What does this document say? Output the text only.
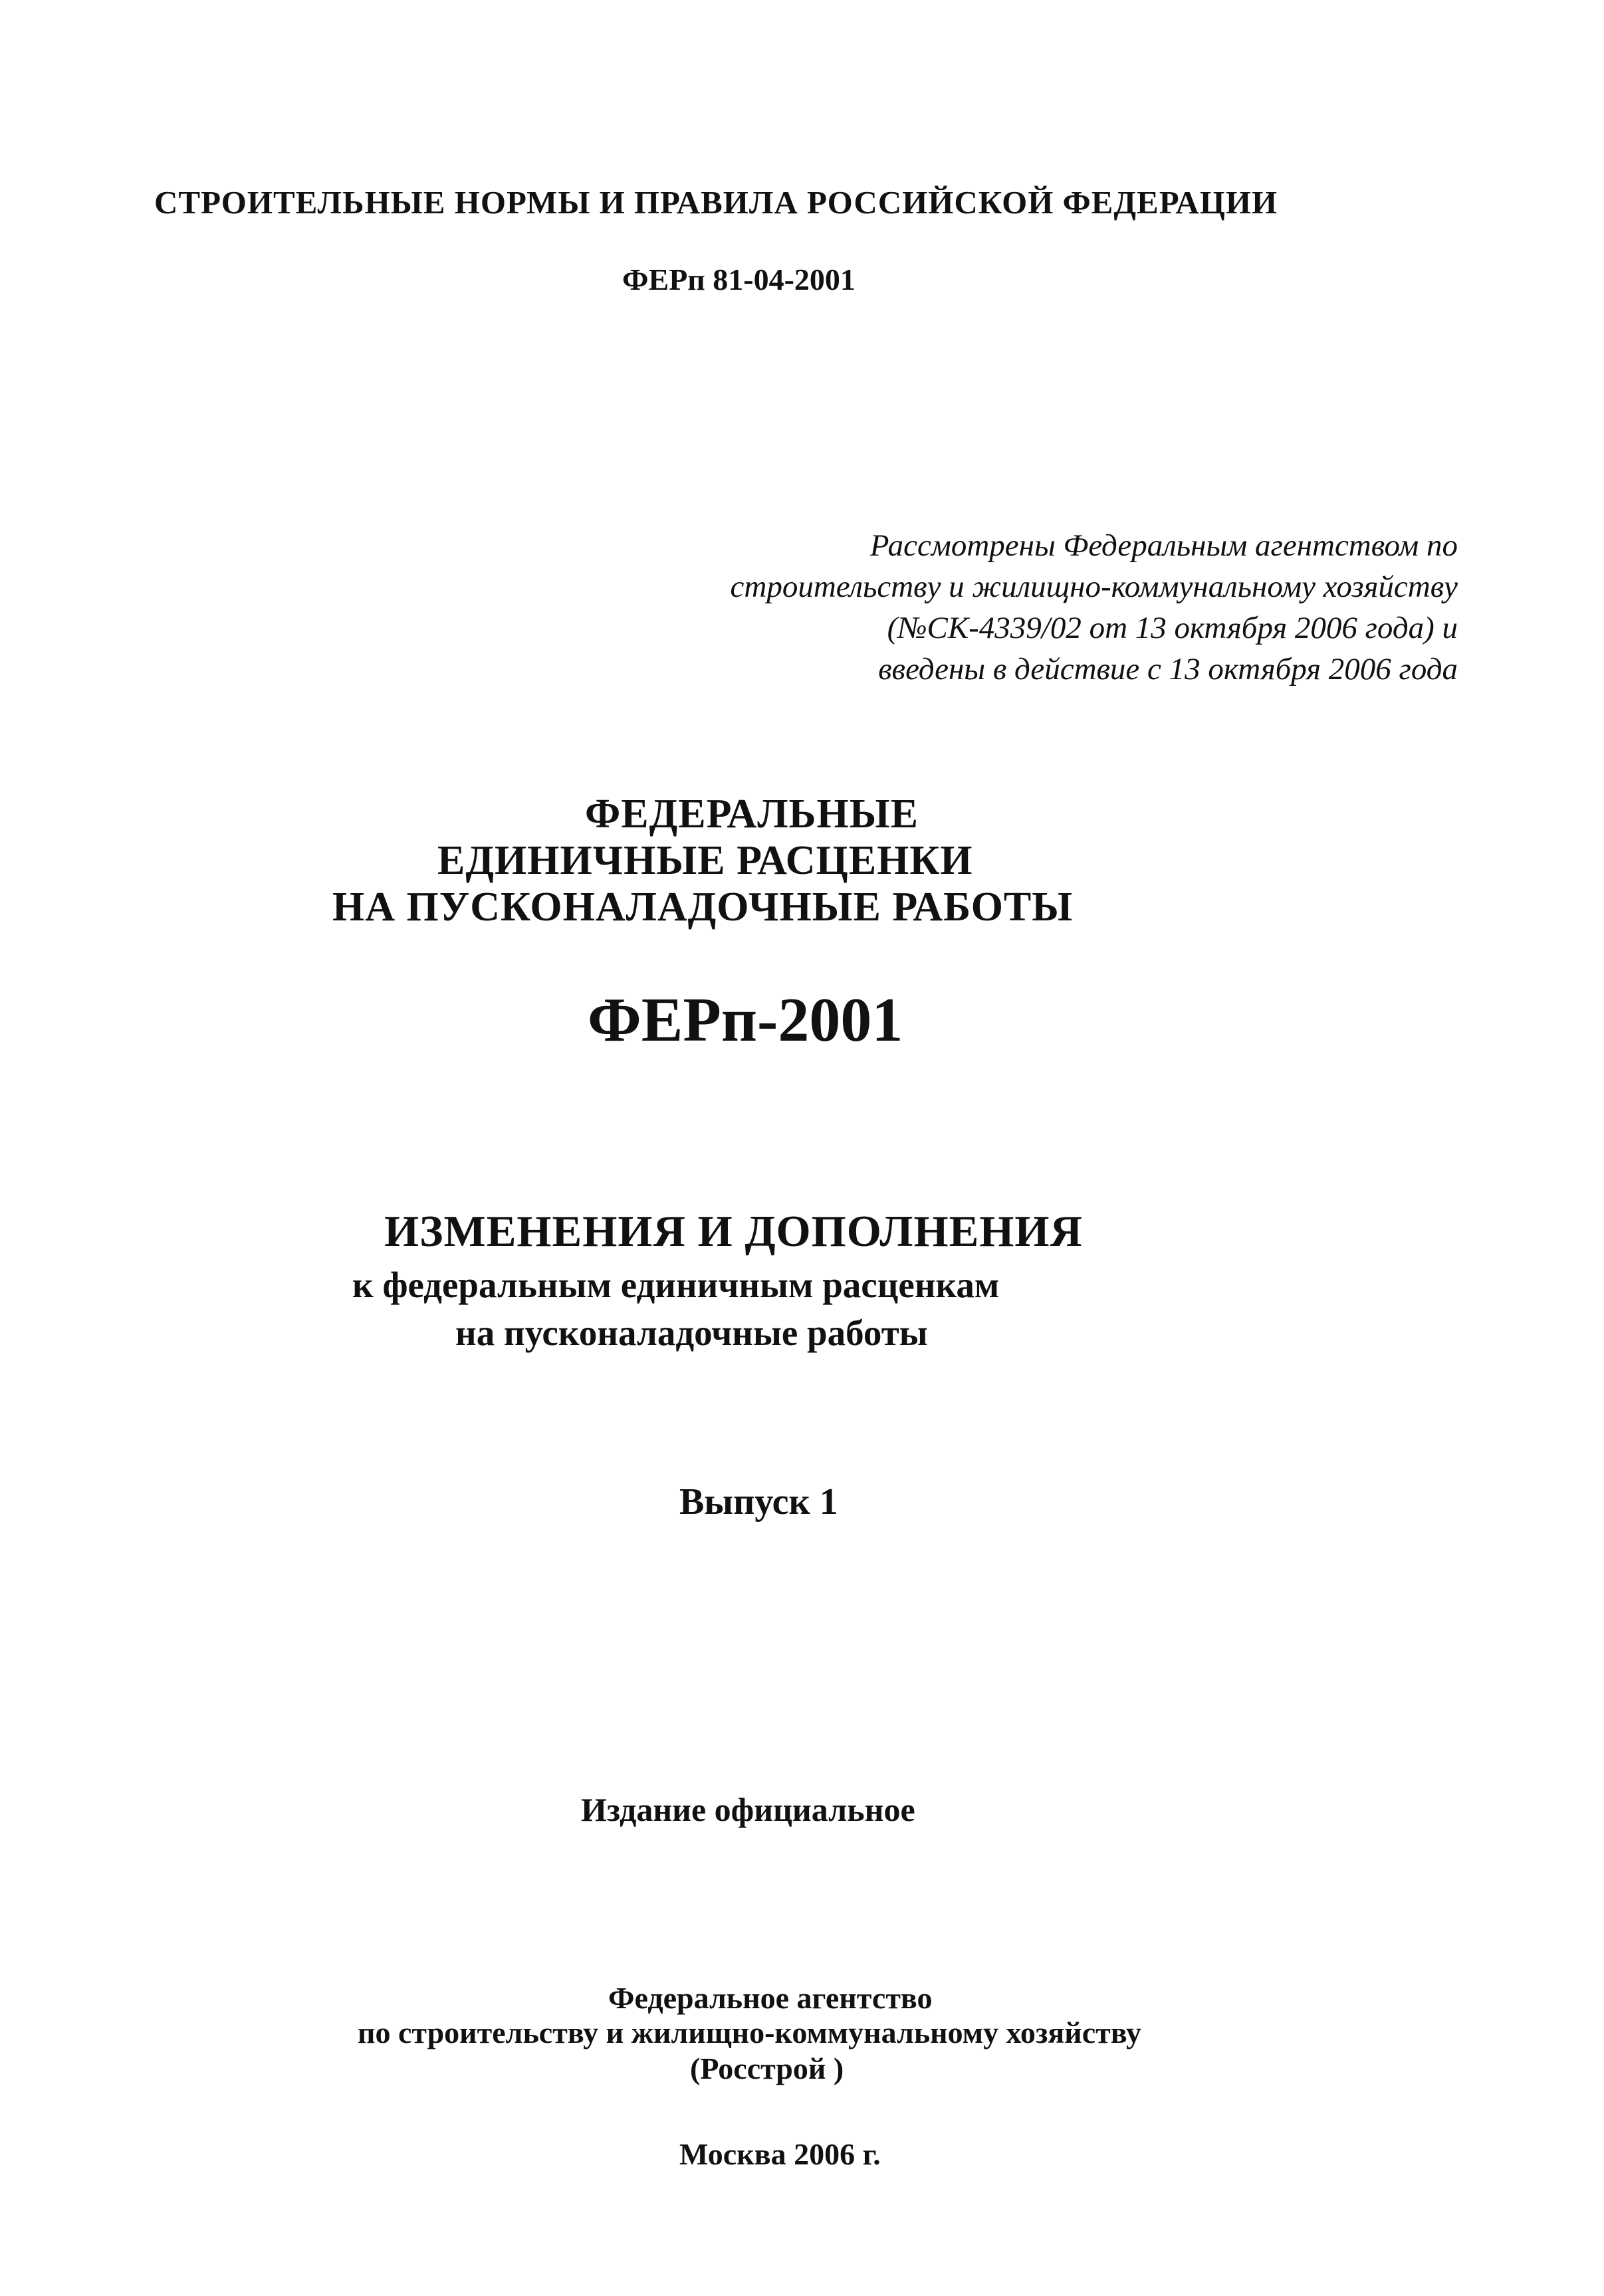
СТРОИТЕЛЬНЫЕ НОРМЫ И ПРАВИЛА РОССИЙСКОЙ ФЕДЕРАЦИИ

ФЕРп 81-04-2001

Рассмотрены Федеральным агентством по
строительству и жилищно-коммунальному хозяйству
(№СК-4339/02 от 13 октября 2006 года) и
введены в действие с 13 октября 2006 года
ФЕДЕРАЛЬНЫЕ
ЕДИНИЧНЫЕ РАСЦЕНКИ
НА ПУСКОНАЛАДОЧНЫЕ РАБОТЫ

ФЕРп-2001

ИЗМЕНЕНИЯ И ДОПОЛНЕНИЯ

к федеральным единичным расценкам

на пусконаладочные работы

Выпуск 1

Издание официальное

Федеральное агентство

по строительству и жилищно-коммунальному хозяйству

(Росстрой )

Москва 2006 г.
